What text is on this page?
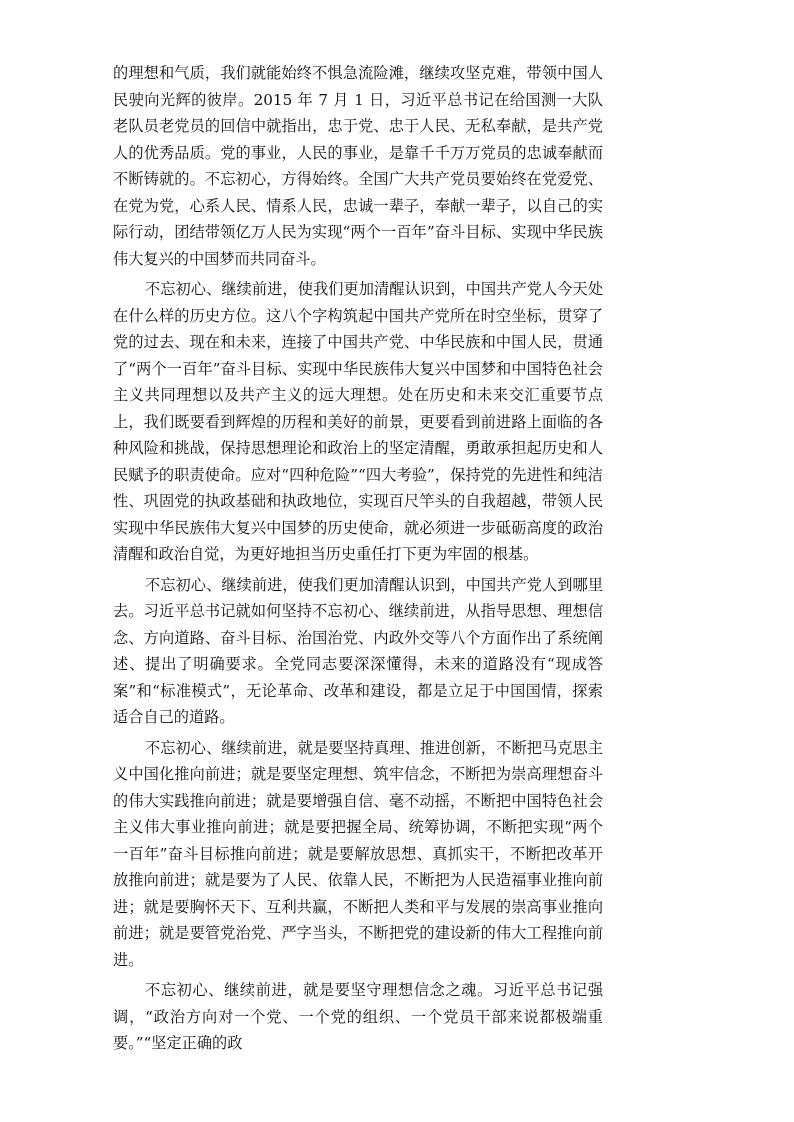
的理想和气质，我们就能始终不惧急流险滩，继续攻坚克难，带领中国人民驶向光辉的彼岸。2015 年 7 月 1 日，习近平总书记在给国测一大队老队员老党员的回信中就指出，忠于党、忠于人民、无私奉献，是共产党人的优秀品质。党的事业，人民的事业，是靠千千万万党员的忠诚奉献而不断铸就的。不忘初心，方得始终。全国广大共产党员要始终在党爱党、在党为党，心系人民、情系人民，忠诚一辈子，奉献一辈子，以自己的实际行动，团结带领亿万人民为实现“两个一百年”奋斗目标、实现中华民族伟大复兴的中国梦而共同奋斗。

不忘初心、继续前进，使我们更加清醒认识到，中国共产党人今天处在什么样的历史方位。这八个字构筑起中国共产党所在时空坐标，贯穿了党的过去、现在和未来，连接了中国共产党、中华民族和中国人民，贯通了“两个一百年”奋斗目标、实现中华民族伟大复兴中国梦和中国特色社会主义共同理想以及共产主义的远大理想。处在历史和未来交汇重要节点上，我们既要看到辉煌的历程和美好的前景，更要看到前进路上面临的各种风险和挑战，保持思想理论和政治上的坚定清醒，勇敢承担起历史和人民赋予的职责使命。应对“四种危险”“四大考验”，保持党的先进性和纯洁性、巩固党的执政基础和执政地位，实现百尺竿头的自我超越，带领人民实现中华民族伟大复兴中国梦的历史使命，就必须进一步砥砺高度的政治清醒和政治自觉，为更好地担当历史重任打下更为牢固的根基。

不忘初心、继续前进，使我们更加清醒认识到，中国共产党人到哪里去。习近平总书记就如何坚持不忘初心、继续前进，从指导思想、理想信念、方向道路、奋斗目标、治国治党、内政外交等八个方面作出了系统阐述、提出了明确要求。全党同志要深深懂得，未来的道路没有“现成答案”和“标准模式”，无论革命、改革和建设，都是立足于中国国情，探索适合自己的道路。

不忘初心、继续前进，就是要坚持真理、推进创新，不断把马克思主义中国化推向前进；就是要坚定理想、筑牢信念，不断把为崇高理想奋斗的伟大实践推向前进；就是要增强自信、毫不动摇，不断把中国特色社会主义伟大事业推向前进；就是要把握全局、统筹协调，不断把实现“两个一百年”奋斗目标推向前进；就是要解放思想、真抓实干，不断把改革开放推向前进；就是要为了人民、依靠人民，不断把为人民造福事业推向前进；就是要胸怀天下、互利共赢，不断把人类和平与发展的崇高事业推向前进；就是要管党治党、严字当头，不断把党的建设新的伟大工程推向前进。

不忘初心、继续前进，就是要坚守理想信念之魂。习近平总书记强调，“政治方向对一个党、一个党的组织、一个党员干部来说都极端重要。”“坚定正确的政
